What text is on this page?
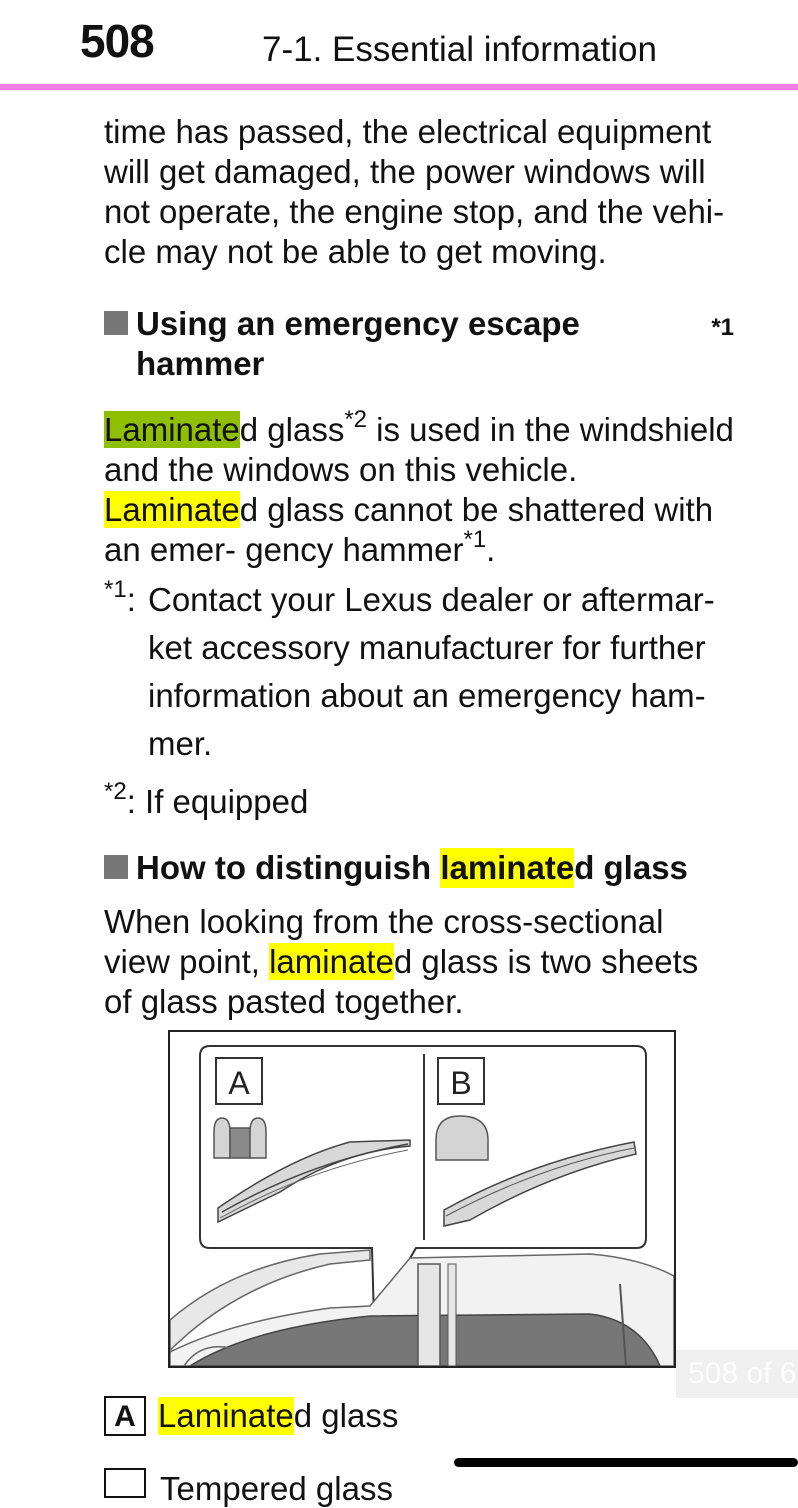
508	7-1. Essential information

time has passed, the electrical equipment
will get damaged, the power windows will
not operate, the engine stop, and the vehi-
cle may not be able to get moving.

Using an emergency escape hammer
*1

Laminated glass$^{*2}$ is used in the windshield and the windows on this vehicle. Laminated glass cannot be shattered with an emer- gency hammer$^{*1}$.

$^{*1}$: Contact your Lexus dealer or aftermar- ket accessory manufacturer for further information about an emergency ham- mer.
$^{*2}$: If equipped
How to distinguish laminate d glass

When looking from the cross-sectional view point, laminated glass is two sheets of glass pasted together.

A	B
508 of 6
A Laminate d glass
Tempered glass
